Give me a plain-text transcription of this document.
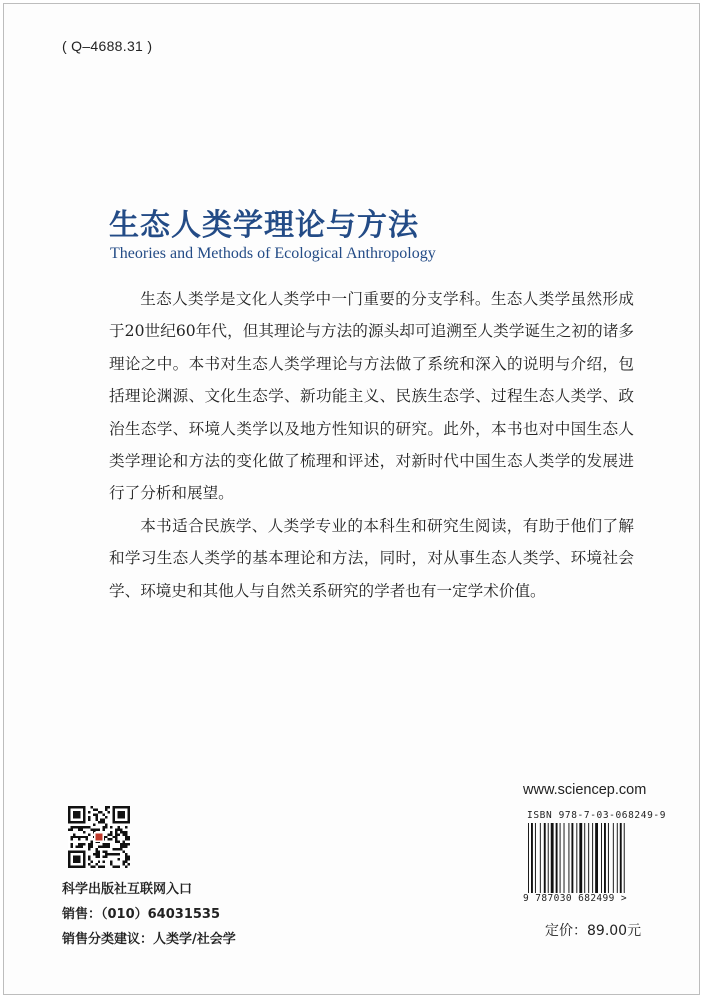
( Q–4688.31 )
生态人类学理论与方法
Theories and Methods of Ecological Anthropology

生态人类学是文化人类学中一门重要的分支学科。生态人类学虽然形成于20世纪60年代，但其理论与方法的源头却可追溯至人类学诞生之初的诸多理论之中。本书对生态人类学理论与方法做了系统和深入的说明与介绍，包括理论渊源、文化生态学、新功能主义、民族生态学、过程生态人类学、政治生态学、环境人类学以及地方性知识的研究。此外，本书也对中国生态人类学理论和方法的变化做了梳理和评述，对新时代中国生态人类学的发展进行了分析和展望。

本书适合民族学、人类学专业的本科生和研究生阅读，有助于他们了解和学习生态人类学的基本理论和方法，同时，对从事生态人类学、环境社会学、环境史和其他人与自然关系研究的学者也有一定学术价值。

www.sciencep.com
ISBN 978-7-03-068249-9
9 787030 682499 >
定价：89.00元
科学出版社互联网入口
销售：（010）64031535
销售分类建议：人类学/社会学
